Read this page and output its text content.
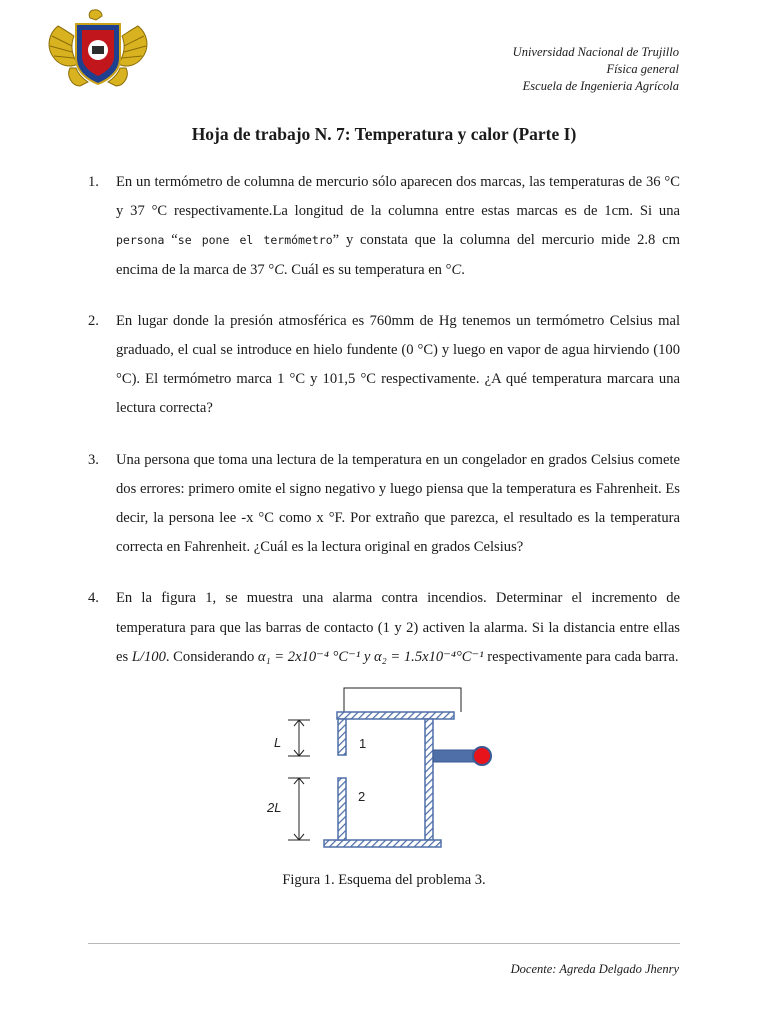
Universidad Nacional de Trujillo
Física general
Escuela de Ingenieria Agrícola
Hoja de trabajo N. 7: Temperatura y calor (Parte I)
1.	En un termómetro de columna de mercurio sólo aparecen dos marcas, las temperaturas de 36 °C y 37 °C respectivamente.La longitud de la columna entre estas marcas es de 1cm. Si una persona “se pone el termómetro” y constata que la columna del mercurio mide 2.8 cm encima de la marca de 37 °C. Cuál es su temperatura en °C.
2.	En lugar donde la presión atmosférica es 760mm de Hg tenemos un termómetro Celsius mal graduado, el cual se introduce en hielo fundente (0 °C) y luego en vapor de agua hirviendo (100 °C). El termómetro marca 1 °C y 101,5 °C respectivamente. ¿A qué temperatura marcara una lectura correcta?
3.	Una persona que toma una lectura de la temperatura en un congelador en grados Celsius comete dos errores: primero omite el signo negativo y luego piensa que la temperatura es Fahrenheit. Es decir, la persona lee -x °C como x °F. Por extraño que parezca, el resultado es la temperatura correcta en Fahrenheit. ¿Cuál es la lectura original en grados Celsius?
4.	En la figura 1, se muestra una alarma contra incendios. Determinar el incremento de temperatura para que las barras de contacto (1 y 2) activen la alarma. Si la distancia entre ellas es L/100. Considerando α₁ = 2x10⁻⁴ °C⁻¹ y α₂ = 1.5x10⁻⁴°C⁻¹ respectivamente para cada barra.
L
2L
1
2
Figura 1. Esquema del problema 3.
Docente: Agreda Delgado Jhenry
